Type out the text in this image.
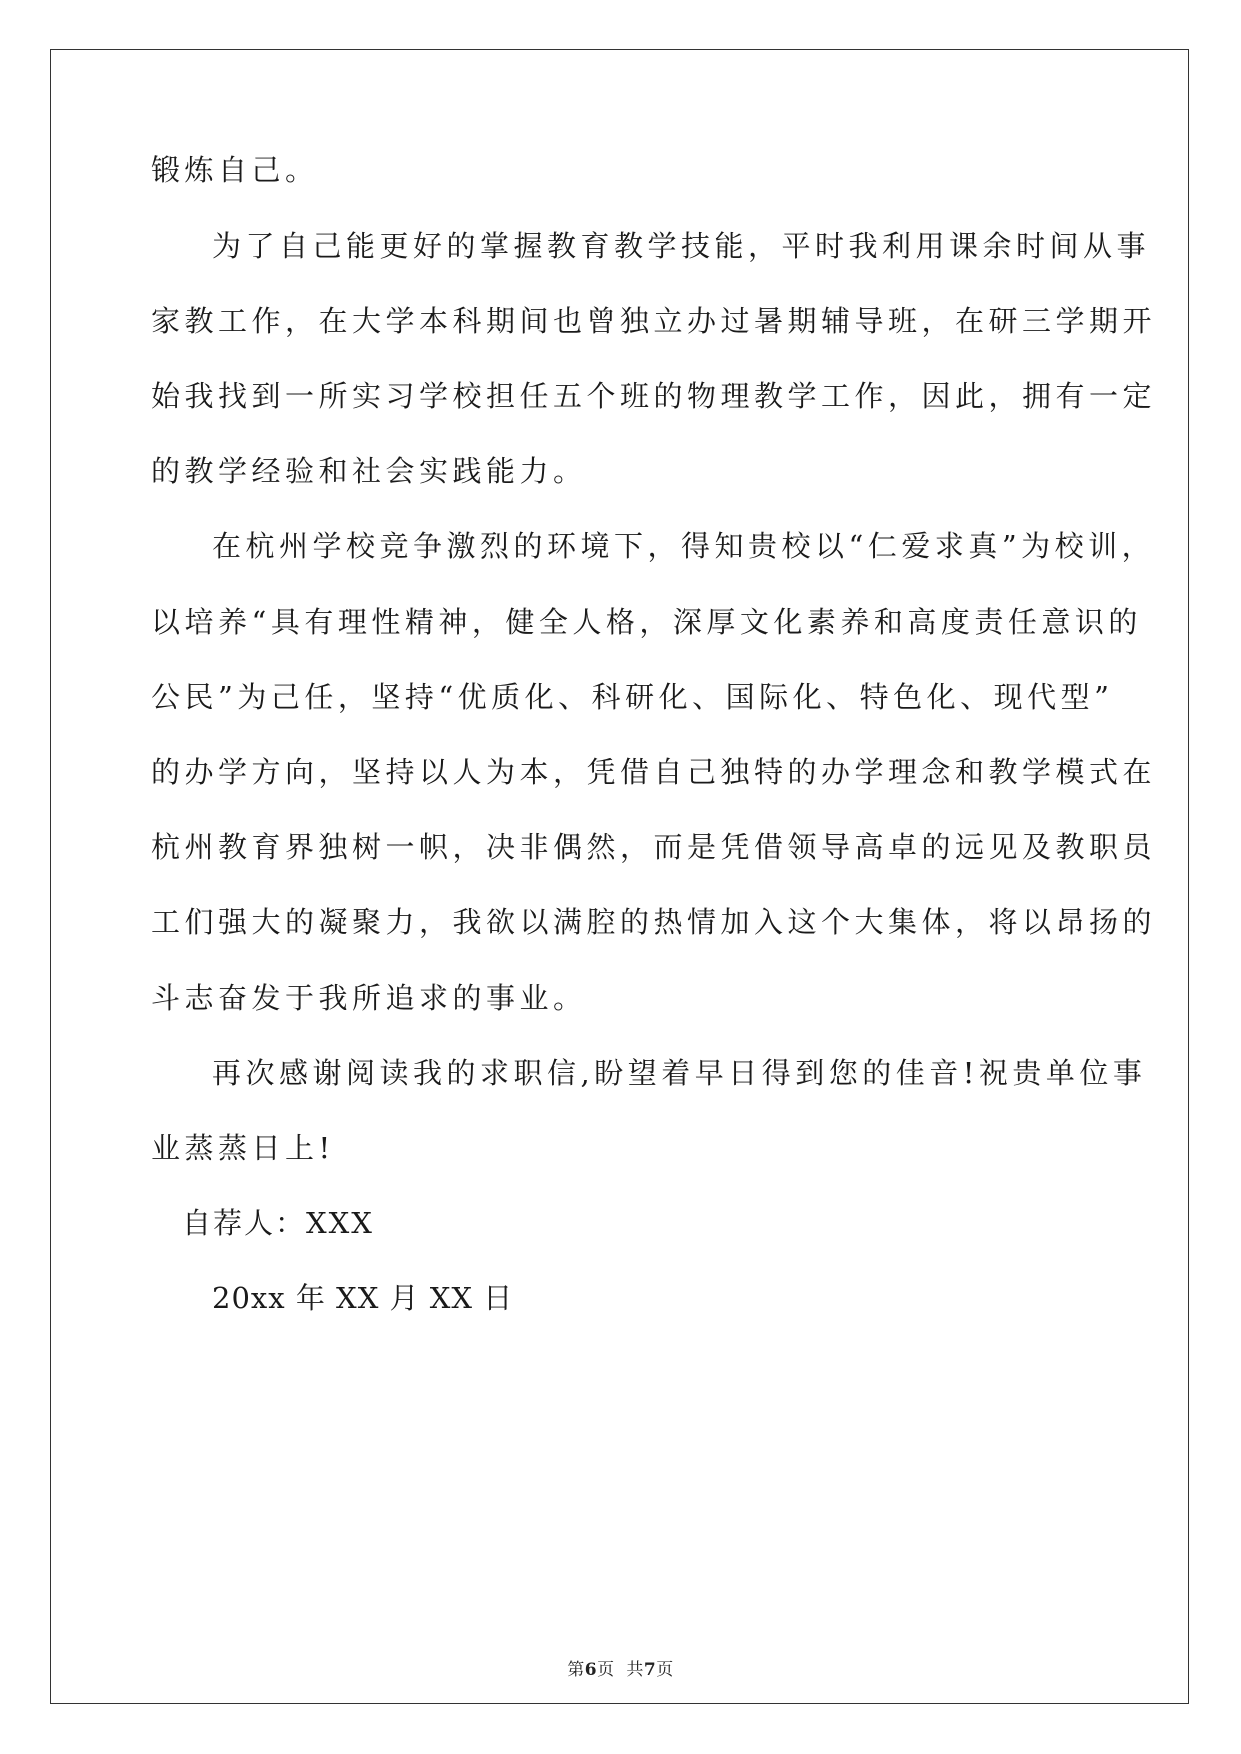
锻炼自己。
为了自己能更好的掌握教育教学技能，平时我利用课余时间从事
家教工作，在大学本科期间也曾独立办过暑期辅导班，在研三学期开
始我找到一所实习学校担任五个班的物理教学工作，因此，拥有一定
的教学经验和社会实践能力。
在杭州学校竞争激烈的环境下，得知贵校以“仁爱求真”为校训，
以培养“具有理性精神，健全人格，深厚文化素养和高度责任意识的
公民”为己任，坚持“优质化、科研化、国际化、特色化、现代型”
的办学方向，坚持以人为本，凭借自己独特的办学理念和教学模式在
杭州教育界独树一帜，决非偶然，而是凭借领导高卓的远见及教职员
工们强大的凝聚力，我欲以满腔的热情加入这个大集体，将以昂扬的
斗志奋发于我所追求的事业。
再次感谢阅读我的求职信,盼望着早日得到您的佳音!祝贵单位事
业蒸蒸日上!
自荐人：XXX
20xx 年 XX 月 XX 日
第6页  共7页
